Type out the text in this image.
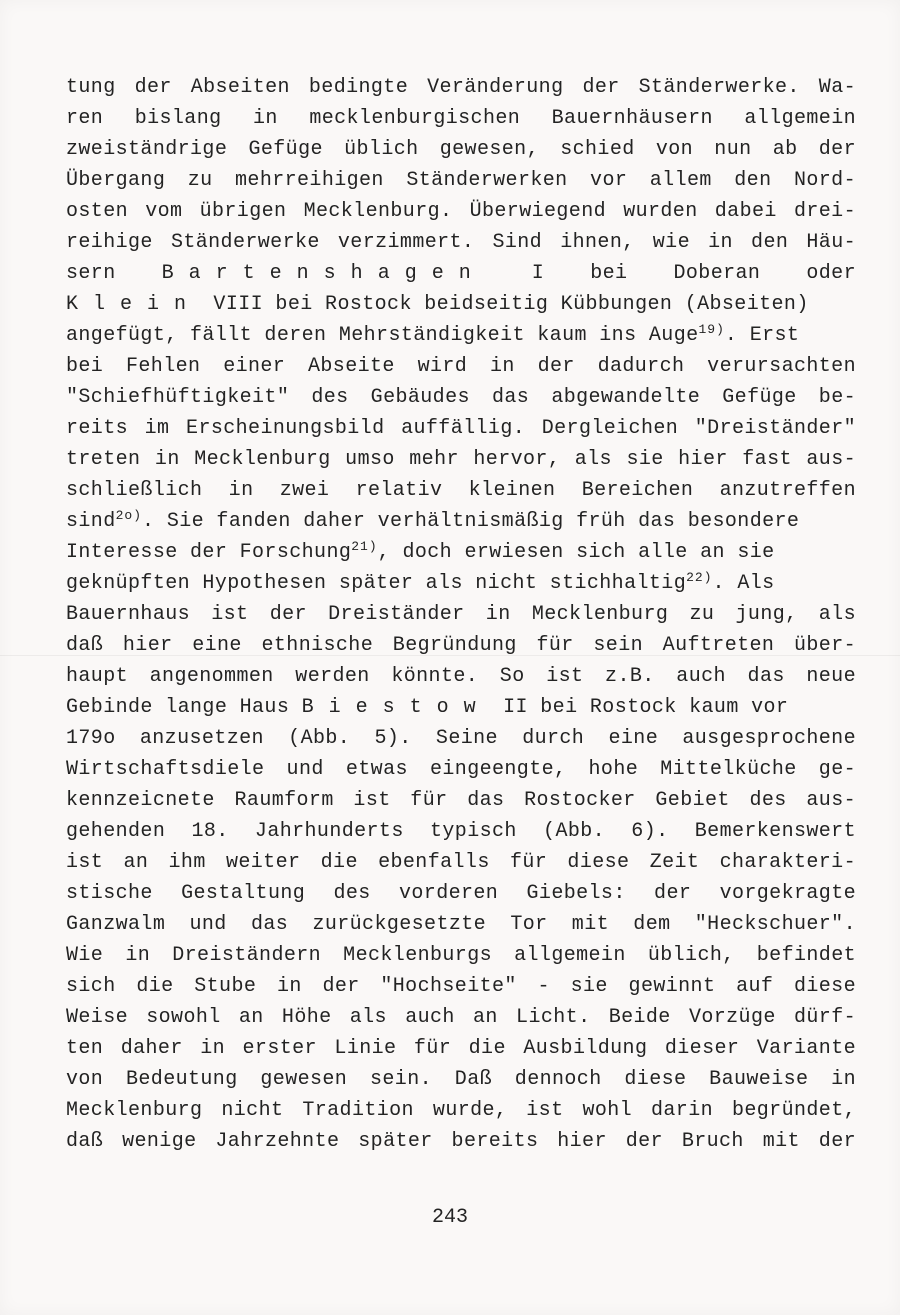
tung der Abseiten bedingte Veränderung der Ständerwerke. Wa-
ren bislang in mecklenburgischen Bauernhäusern allgemein
zweiständrige Gefüge üblich gewesen, schied von nun ab der
Übergang zu mehrreihigen Ständerwerken vor allem den Nord-
osten vom übrigen Mecklenburg. Überwiegend wurden dabei drei-
reihige Ständerwerke verzimmert. Sind ihnen, wie in den Häu-
sern Bartenshagen I bei Doberan oder
Klein VIII bei Rostock beidseitig Kübbungen (Abseiten)
angefügt, fällt deren Mehrständigkeit kaum ins Auge$^{19)}$. Erst
bei Fehlen einer Abseite wird in der dadurch verursachten
"Schiefhüftigkeit" des Gebäudes das abgewandelte Gefüge be-
reits im Erscheinungsbild auffällig. Dergleichen "Dreiständer"
treten in Mecklenburg umso mehr hervor, als sie hier fast aus-
schließlich in zwei relativ kleinen Bereichen anzutreffen
sind$^{2o)}$. Sie fanden daher verhältnismäßig früh das besondere
Interesse der Forschung$^{21)}$, doch erwiesen sich alle an sie
geknüpften Hypothesen später als nicht stichhaltig$^{22)}$. Als
Bauernhaus ist der Dreiständer in Mecklenburg zu jung, als
daß hier eine ethnische Begründung für sein Auftreten über-
haupt angenommen werden könnte. So ist z.B. auch das neue
Gebinde lange Haus Biestow II bei Rostock kaum vor
179o anzusetzen (Abb. 5). Seine durch eine ausgesprochene
Wirtschaftsdiele und etwas eingeengte, hohe Mittelküche ge-
kennzeicnete Raumform ist für das Rostocker Gebiet des aus-
gehenden 18. Jahrhunderts typisch (Abb. 6). Bemerkenswert
ist an ihm weiter die ebenfalls für diese Zeit charakteri-
stische Gestaltung des vorderen Giebels: der vorgekragte
Ganzwalm und das zurückgesetzte Tor mit dem "Heckschuer".
Wie in Dreiständern Mecklenburgs allgemein üblich, befindet
sich die Stube in der "Hochseite" - sie gewinnt auf diese
Weise sowohl an Höhe als auch an Licht. Beide Vorzüge dürf-
ten daher in erster Linie für die Ausbildung dieser Variante
von Bedeutung gewesen sein. Daß dennoch diese Bauweise in
Mecklenburg nicht Tradition wurde, ist wohl darin begründet,
daß wenige Jahrzehnte später bereits hier der Bruch mit der
243
